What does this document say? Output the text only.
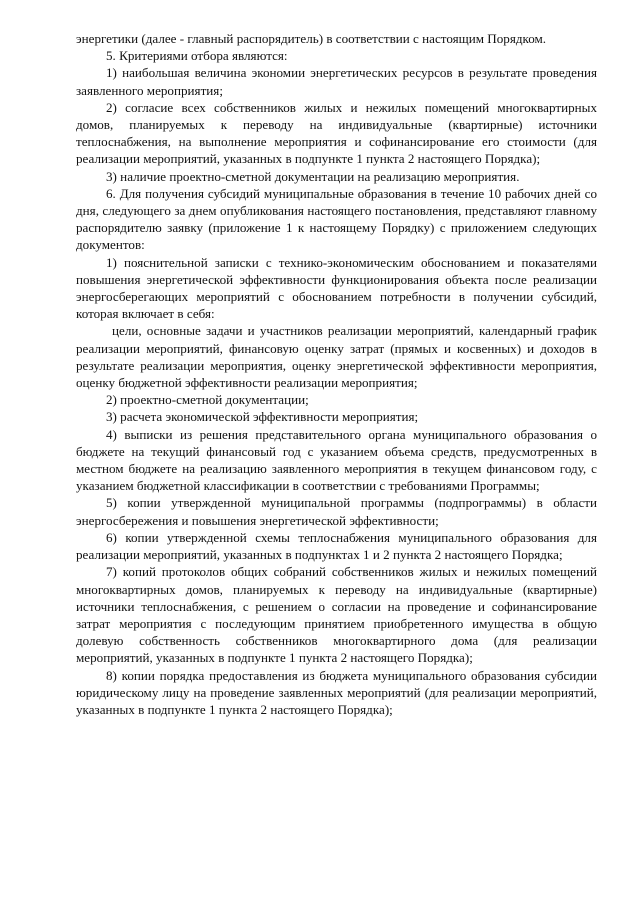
энергетики (далее - главный распорядитель) в соответствии с настоящим Порядком.

5. Критериями отбора являются:

1) наибольшая величина экономии энергетических ресурсов в результате проведения заявленного мероприятия;

2) согласие всех собственников жилых и нежилых помещений многоквартирных домов, планируемых к переводу на индивидуальные (квартирные) источники теплоснабжения, на выполнение мероприятия и софинансирование его стоимости (для реализации мероприятий, указанных в подпункте 1 пункта 2 настоящего Порядка);

3) наличие проектно-сметной документации на реализацию мероприятия.

6. Для получения субсидий муниципальные образования в течение 10 рабочих дней со дня, следующего за днем опубликования настоящего постановления, представляют главному распорядителю заявку (приложение 1 к настоящему Порядку) с приложением следующих документов:

1) пояснительной записки с технико-экономическим обоснованием и показателями повышения энергетической эффективности функционирования объекта после реализации энергосберегающих мероприятий с обоснованием потребности в получении субсидий, которая включает в себя:

цели, основные задачи и участников реализации мероприятий, календарный график реализации мероприятий, финансовую оценку затрат (прямых и косвенных) и доходов в результате реализации мероприятия, оценку энергетической эффективности мероприятия, оценку бюджетной эффективности реализации мероприятия;

2) проектно-сметной документации;

3) расчета экономической эффективности мероприятия;

4) выписки из решения представительного органа муниципального образования о бюджете на текущий финансовый год с указанием объема средств, предусмотренных в местном бюджете на реализацию заявленного мероприятия в текущем финансовом году, с указанием бюджетной классификации в соответствии с требованиями Программы;

5) копии утвержденной муниципальной программы (подпрограммы) в области энергосбережения и повышения энергетической эффективности;

6) копии утвержденной схемы теплоснабжения муниципального образования для реализации мероприятий, указанных в подпунктах 1 и 2 пункта 2 настоящего Порядка;

7) копий протоколов общих собраний собственников жилых и нежилых помещений многоквартирных домов, планируемых к переводу на индивидуальные (квартирные) источники теплоснабжения, с решением о согласии на проведение и софинансирование затрат мероприятия с последующим принятием приобретенного имущества в общую долевую собственность собственников многоквартирного дома (для реализации мероприятий, указанных в подпункте 1 пункта 2 настоящего Порядка);

8) копии порядка предоставления из бюджета муниципального образования субсидии юридическому лицу на проведение заявленных мероприятий (для реализации мероприятий, указанных в подпункте 1 пункта 2 настоящего Порядка);
